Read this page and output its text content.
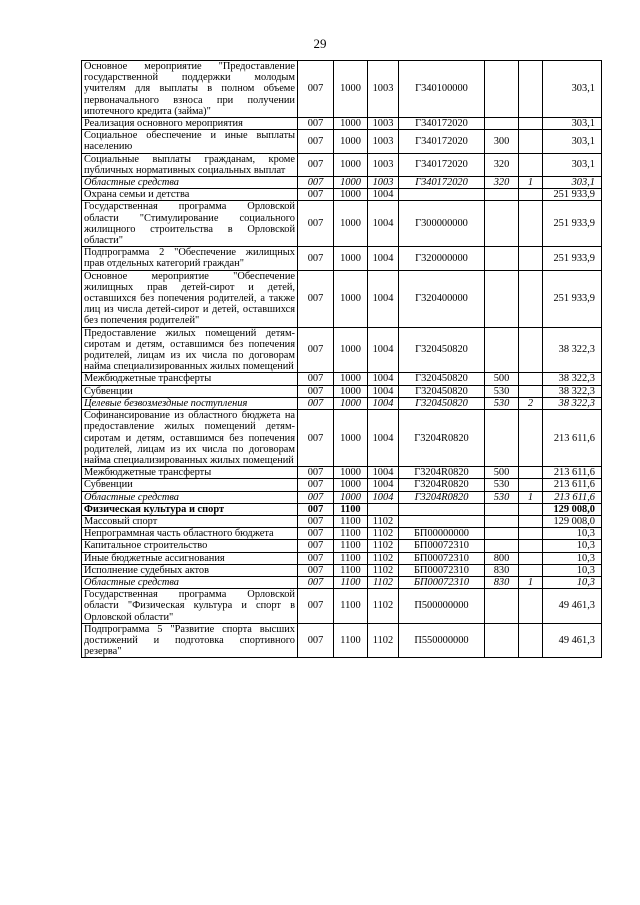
29
Основное мероприятие "Предоставление государственной поддержки молодым учителям для выплаты в полном объеме первоначального взноса при получении ипотечного кредита (займа)"	007	1000	1003	Г340100000			303,1
Реализация основного мероприятия	007	1000	1003	Г340172020			303,1
Социальное обеспечение и иные выплаты населению	007	1000	1003	Г340172020	300		303,1
Социальные выплаты гражданам, кроме публичных нормативных социальных выплат	007	1000	1003	Г340172020	320		303,1
Областные средства	007	1000	1003	Г340172020	320	1	303,1
Охрана семьи и детства	007	1000	1004				251 933,9
Государственная программа Орловской области "Стимулирование социального жилищного строительства в Орловской области"	007	1000	1004	Г300000000			251 933,9
Подпрограмма 2 "Обеспечение жилищных прав отдельных категорий граждан"	007	1000	1004	Г320000000			251 933,9
Основное мероприятие "Обеспечение жилищных прав детей-сирот и детей, оставшихся без попечения родителей, а также лиц из числа детей-сирот и детей, оставшихся без попечения родителей"	007	1000	1004	Г320400000			251 933,9
Предоставление жилых помещений детям-сиротам и детям, оставшимся без попечения родителей, лицам из их числа по договорам найма специализированных жилых помещений	007	1000	1004	Г320450820			38 322,3
Межбюджетные трансферты	007	1000	1004	Г320450820	500		38 322,3
Субвенции	007	1000	1004	Г320450820	530		38 322,3
Целевые безвозмездные поступления	007	1000	1004	Г320450820	530	2	38 322,3
Софинансирование из областного бюджета на предоставление жилых помещений детям-сиротам и детям, оставшимся без попечения родителей, лицам из их числа по договорам найма специализированных жилых помещений	007	1000	1004	Г3204R0820			213 611,6
Межбюджетные трансферты	007	1000	1004	Г3204R0820	500		213 611,6
Субвенции	007	1000	1004	Г3204R0820	530		213 611,6
Областные средства	007	1000	1004	Г3204R0820	530	1	213 611,6
Физическая культура и спорт	007	1100					129 008,0
Массовый спорт	007	1100	1102				129 008,0
Непрограммная часть областного бюджета	007	1100	1102	БП00000000			10,3
Капитальное строительство	007	1100	1102	БП00072310			10,3
Иные бюджетные ассигнования	007	1100	1102	БП00072310	800		10,3
Исполнение судебных актов	007	1100	1102	БП00072310	830		10,3
Областные средства	007	1100	1102	БП00072310	830	1	10,3
Государственная программа Орловской области "Физическая культура и спорт в Орловской области"	007	1100	1102	П500000000			49 461,3
Подпрограмма 5 "Развитие спорта высших достижений и подготовка спортивного резерва"	007	1100	1102	П550000000			49 461,3
